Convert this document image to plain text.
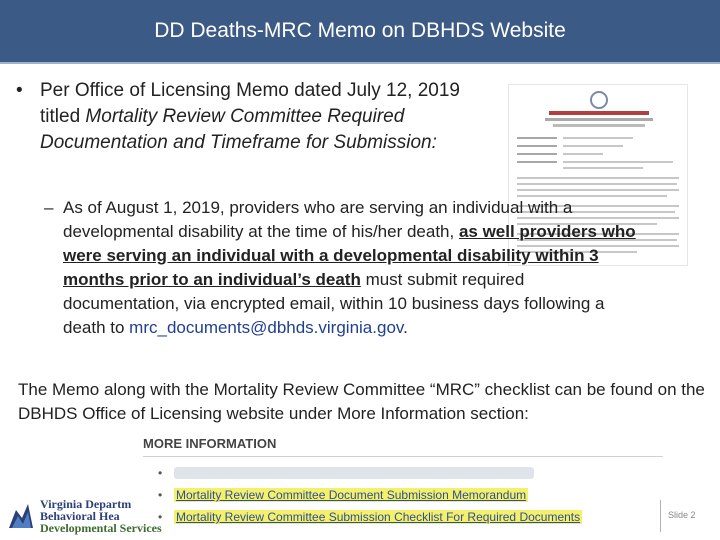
DD Deaths-MRC Memo on DBHDS Website
• Per Office of Licensing Memo dated July 12, 2019 titled Mortality Review Committee Required Documentation and Timeframe for Submission:
– As of August 1, 2019, providers who are serving an individual with a developmental disability at the time of his/her death, as well providers who were serving an individual with a developmental disability within 3 months prior to an individual’s death must submit required documentation, via encrypted email, within 10 business days following a death to mrc_documents@dbhds.virginia.gov.
The Memo along with the Mortality Review Committee “MRC” checklist can be found on the DBHDS Office of Licensing website under More Information section:
MORE INFORMATION
•
• Mortality Review Committee Document Submission Memorandum
• Mortality Review Committee Submission Checklist For Required Documents
Virginia Departm
Behavioral Hea
Developmental Services
Slide 2
